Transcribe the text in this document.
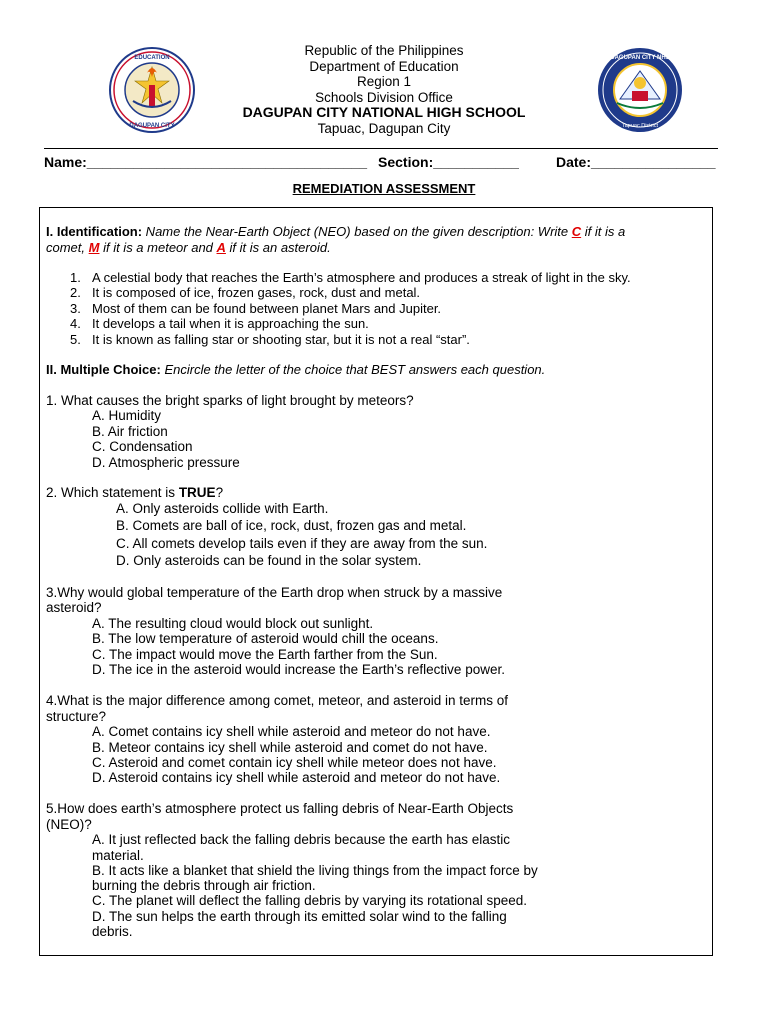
EDUCATION
DAGUPAN CITY
DAGUPAN CITY NHS
Tapuac District
Republic of the Philippines
Department of Education
Region 1
Schools Division Office
DAGUPAN CITY NATIONAL HIGH SCHOOL
Tapuac, Dagupan City
Name:____________________________________ Section:___________	Date:________________
REMEDIATION ASSESSMENT
I. Identification: Name the Near-Earth Object (NEO) based on the given description: Write C if it is a
comet, M if it is a meteor and A if it is an asteroid.
1. A celestial body that reaches the Earth’s atmosphere and produces a streak of light in the sky.
2. It is composed of ice, frozen gases, rock, dust and metal.
3. Most of them can be found between planet Mars and Jupiter.
4. It develops a tail when it is approaching the sun.
5. It is known as falling star or shooting star, but it is not a real “star”.
II. Multiple Choice: Encircle the letter of the choice that BEST answers each question.
1. What causes the bright sparks of light brought by meteors?
A. Humidity
B. Air friction
C. Condensation
D. Atmospheric pressure
2. Which statement is TRUE?
A. Only asteroids collide with Earth.
B. Comets are ball of ice, rock, dust, frozen gas and metal.
C. All comets develop tails even if they are away from the sun.
D. Only asteroids can be found in the solar system.
3.Why would global temperature of the Earth drop when struck by a massive
asteroid?
A. The resulting cloud would block out sunlight.
B. The low temperature of asteroid would chill the oceans.
C. The impact would move the Earth farther from the Sun.
D. The ice in the asteroid would increase the Earth’s reflective power.
4.What is the major difference among comet, meteor, and asteroid in terms of
structure?
A. Comet contains icy shell while asteroid and meteor do not have.
B. Meteor contains icy shell while asteroid and comet do not have.
C. Asteroid and comet contain icy shell while meteor does not have.
D. Asteroid contains icy shell while asteroid and meteor do not have.
5.How does earth’s atmosphere protect us falling debris of Near-Earth Objects
(NEO)?
A. It just reflected back the falling debris because the earth has elastic
material.
B. It acts like a blanket that shield the living things from the impact force by
burning the debris through air friction.
C. The planet will deflect the falling debris by varying its rotational speed.
D. The sun helps the earth through its emitted solar wind to the falling
debris.
